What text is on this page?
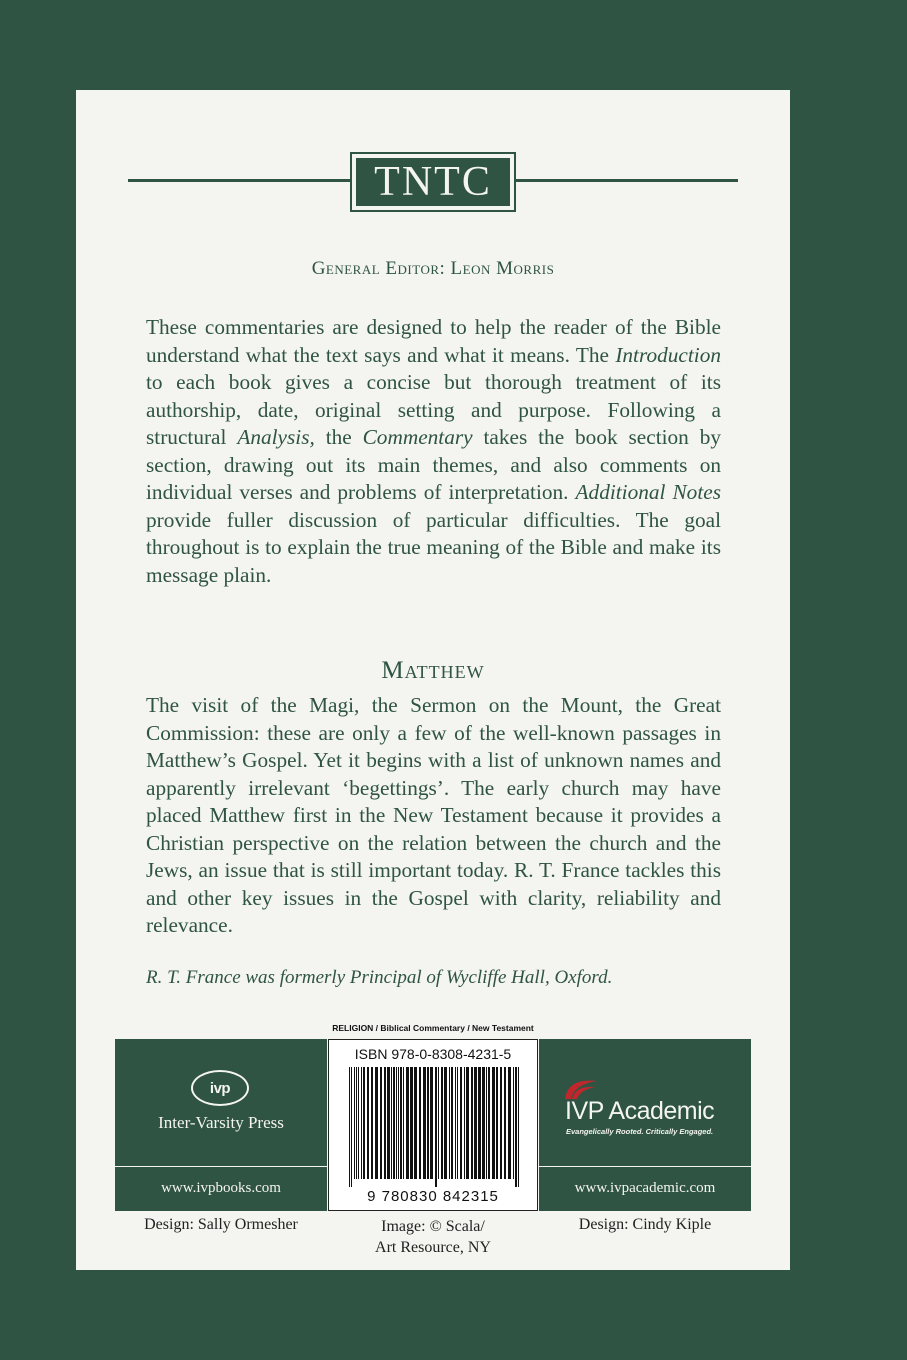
TNTC
General Editor: Leon Morris
These commentaries are designed to help the reader of the Bible understand what the text says and what it means. The Introduction to each book gives a concise but thorough treatment of its authorship, date, original setting and purpose. Following a structural Analysis, the Commentary takes the book section by section, drawing out its main themes, and also comments on individual verses and problems of interpretation. Additional Notes provide fuller discussion of particular difficulties. The goal throughout is to explain the true meaning of the Bible and make its message plain.
Matthew
The visit of the Magi, the Sermon on the Mount, the Great Commission: these are only a few of the well-known passages in Matthew’s Gospel. Yet it begins with a list of unknown names and apparently irrelevant ‘begettings’. The early church may have placed Matthew first in the New Testament because it provides a Christian perspective on the relation between the church and the Jews, an issue that is still important today. R. T. France tackles this and other key issues in the Gospel with clarity, reliability and relevance.
R. T. France was formerly Principal of Wycliffe Hall, Oxford.
RELIGION / Biblical Commentary / New Testament
ivp
Inter-Varsity Press
www.ivpbooks.com
ISBN 978-0-8308-4231-5
9 780830 842315
IVP Academic
Evangelically Rooted. Critically Engaged.
www.ivpacademic.com
Design: Sally Ormesher	Image: © Scala/
Art Resource, NY
Design: Cindy Kiple
